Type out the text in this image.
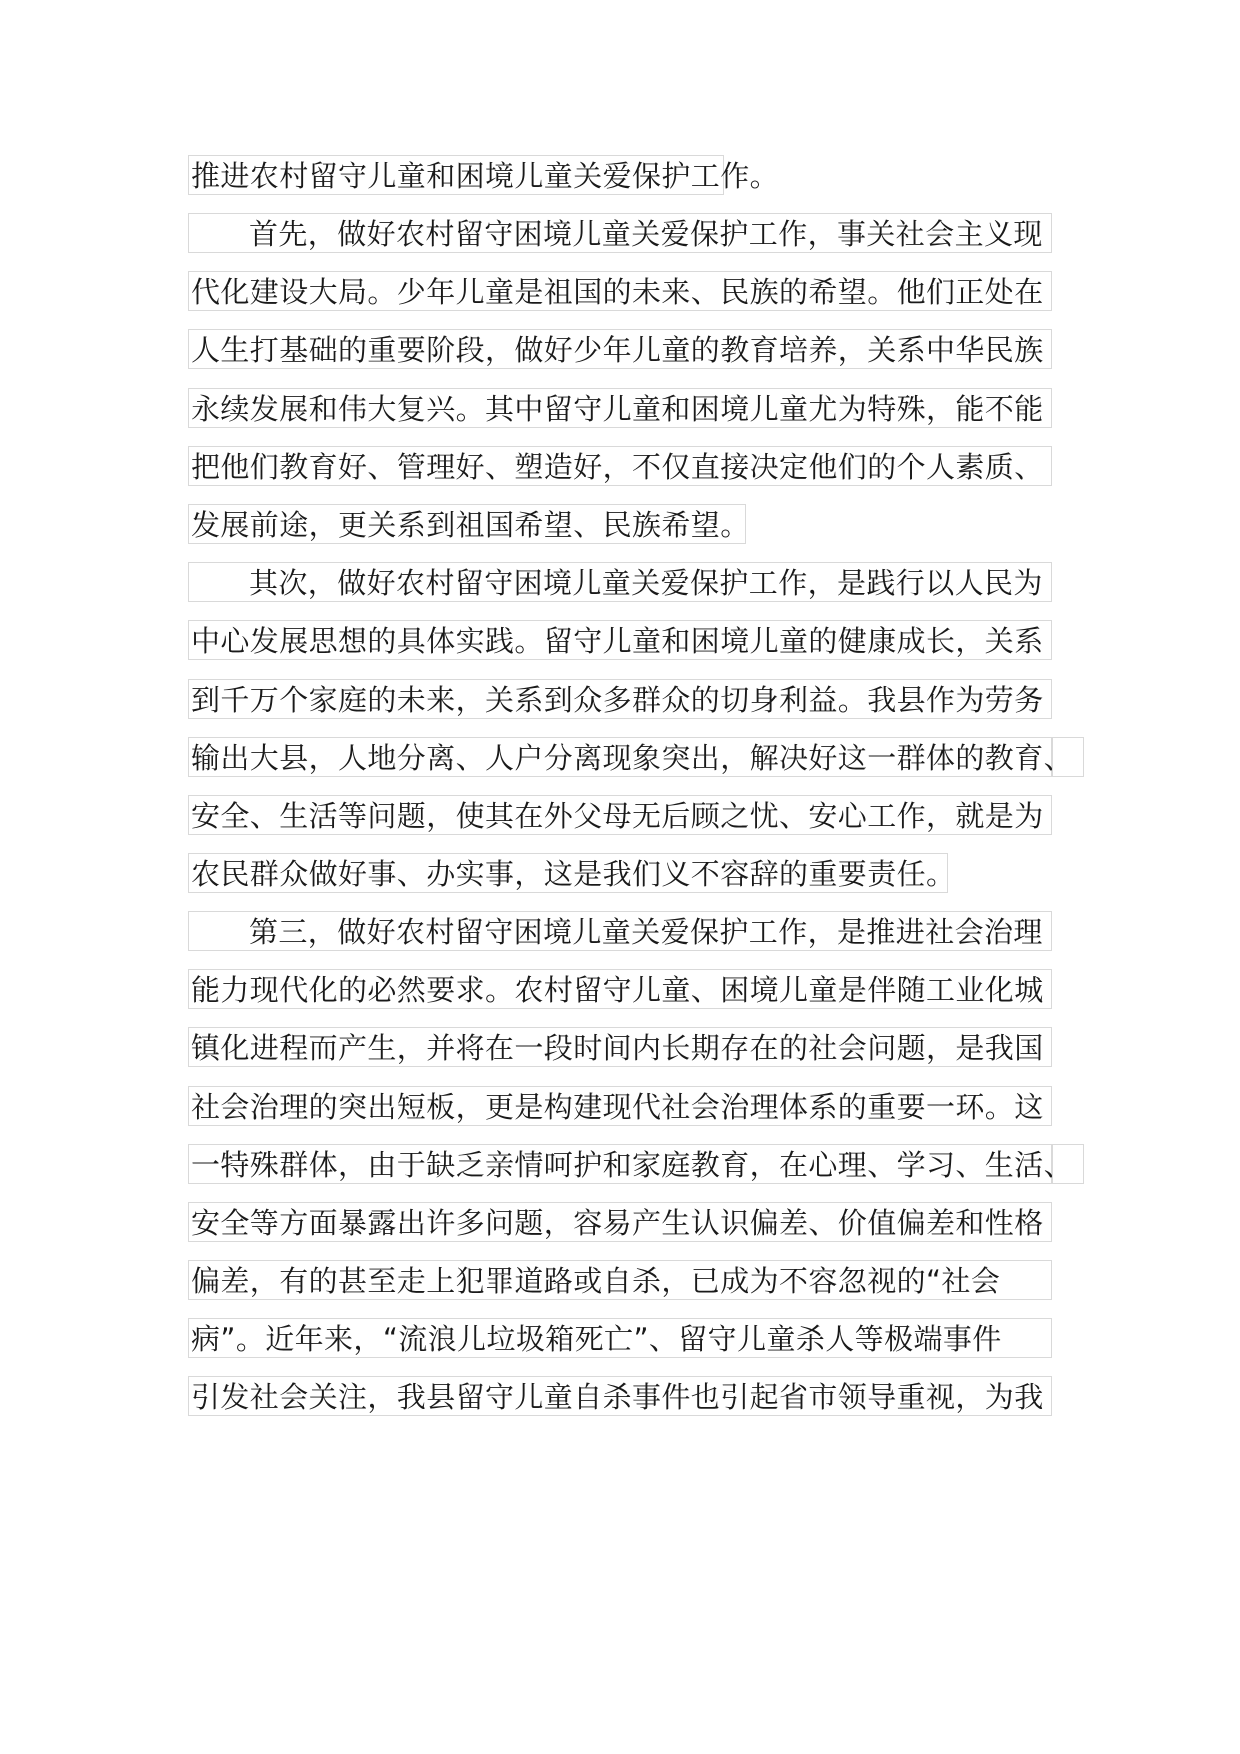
推进农村留守儿童和困境儿童关爱保护工作。
首先，做好农村留守困境儿童关爱保护工作，事关社会主义现
代化建设大局。少年儿童是祖国的未来、民族的希望。他们正处在
人生打基础的重要阶段，做好少年儿童的教育培养，关系中华民族
永续发展和伟大复兴。其中留守儿童和困境儿童尤为特殊，能不能
把他们教育好、管理好、塑造好，不仅直接决定他们的个人素质、
发展前途，更关系到祖国希望、民族希望。
其次，做好农村留守困境儿童关爱保护工作，是践行以人民为
中心发展思想的具体实践。留守儿童和困境儿童的健康成长，关系
到千万个家庭的未来，关系到众多群众的切身利益。我县作为劳务
输出大县，人地分离、人户分离现象突出，解决好这一群体的教育、
安全、生活等问题，使其在外父母无后顾之忧、安心工作，就是为
农民群众做好事、办实事，这是我们义不容辞的重要责任。
第三，做好农村留守困境儿童关爱保护工作，是推进社会治理
能力现代化的必然要求。农村留守儿童、困境儿童是伴随工业化城
镇化进程而产生，并将在一段时间内长期存在的社会问题，是我国
社会治理的突出短板，更是构建现代社会治理体系的重要一环。这
一特殊群体，由于缺乏亲情呵护和家庭教育，在心理、学习、生活、
安全等方面暴露出许多问题，容易产生认识偏差、价值偏差和性格
偏差，有的甚至走上犯罪道路或自杀，已成为不容忽视的“社会
病”。近年来，“流浪儿垃圾箱死亡”、留守儿童杀人等极端事件
引发社会关注，我县留守儿童自杀事件也引起省市领导重视，为我
